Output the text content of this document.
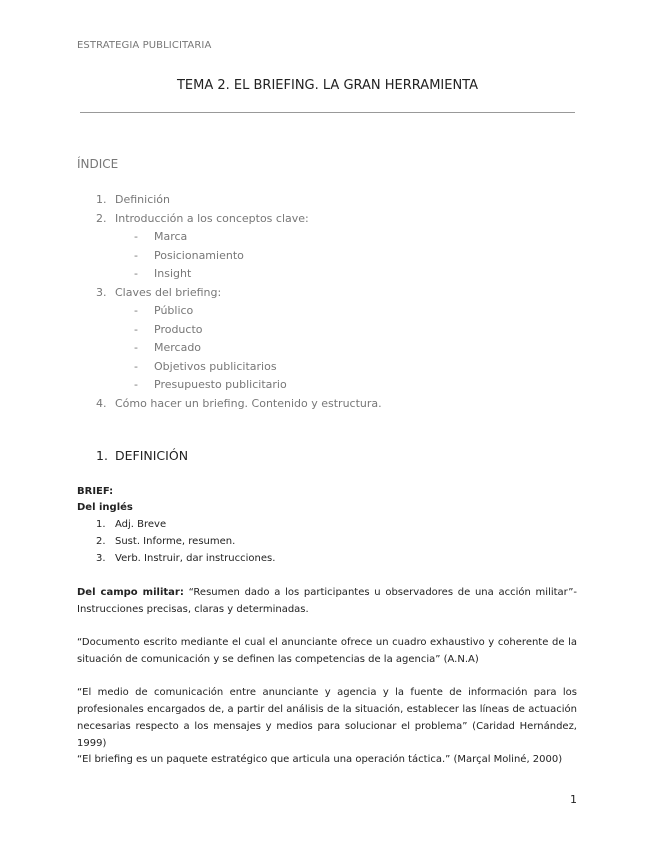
ESTRATEGIA PUBLICITARIA
TEMA 2. EL BRIEFING. LA GRAN HERRAMIENTA
ÍNDICE
1. Definición
2. Introducción a los conceptos clave:
- Marca
- Posicionamiento
- Insight
3. Claves del briefing:
- Público
- Producto
- Mercado
- Objetivos publicitarios
- Presupuesto publicitario
4. Cómo hacer un briefing. Contenido y estructura.
1. DEFINICIÓN
BRIEF:
Del inglés
1. Adj. Breve
2. Sust. Informe, resumen.
3. Verb. Instruir, dar instrucciones.
Del campo militar: “Resumen dado a los participantes u observadores de una acción militar”- Instrucciones precisas, claras y determinadas.
“Documento escrito mediante el cual el anunciante ofrece un cuadro exhaustivo y coherente de la situación de comunicación y se definen las competencias de la agencia” (A.N.A)
“El medio de comunicación entre anunciante y agencia y la fuente de información para los profesionales encargados de, a partir del análisis de la situación, establecer las líneas de actuación necesarias respecto a los mensajes y medios para solucionar el problema” (Caridad Hernández, 1999)
“El briefing es un paquete estratégico que articula una operación táctica.” (Marçal Moliné, 2000)
1
